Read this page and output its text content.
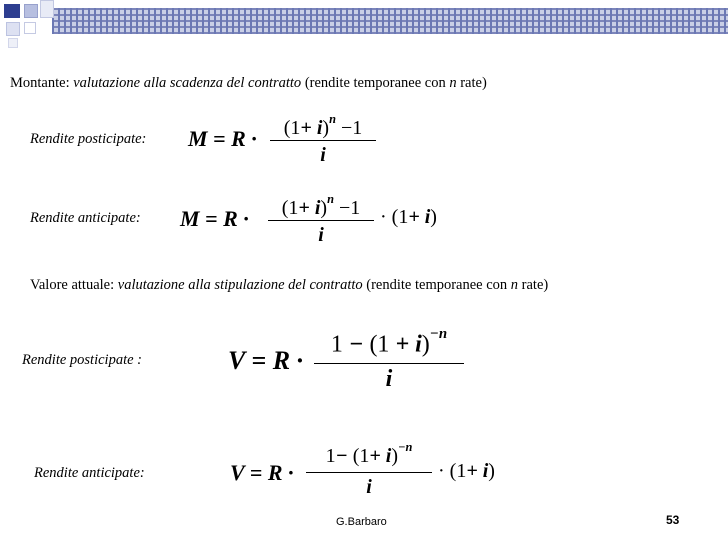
Montante: valutazione alla scadenza del contratto (rendite temporanee con n rate)
Rendite posticipate: M = R ·	$(1+ i)^n -1$
i
Rendite anticipate: M = R ·	$(1+ i)^n -1$
i
· (1+ i)
Valore attuale: valutazione alla stipulazione del contratto (rendite temporanee con n rate)
Rendite posticipate :	V = R ·
$1 - (1 + i)^{-n}$
i
Rendite anticipate:	V = R ·
$1- (1+ i)^{-n}$
i
· (1+ i)
G.Barbaro	53
